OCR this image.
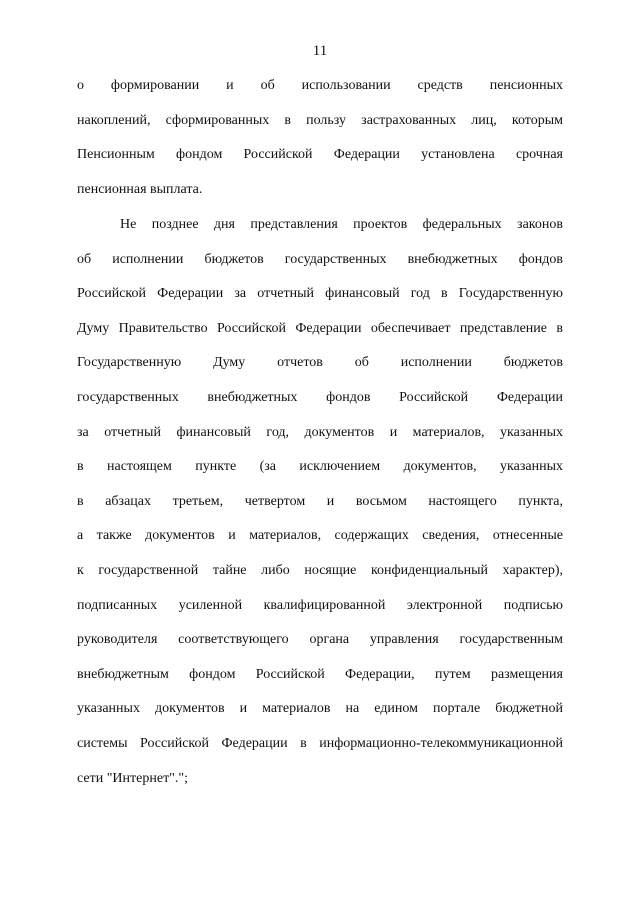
11
о формировании и об использовании средств пенсионных
накоплений, сформированных в пользу застрахованных лиц, которым
Пенсионным фондом Российской Федерации установлена срочная
пенсионная выплата.
Не позднее дня представления проектов федеральных законов
об исполнении бюджетов государственных внебюджетных фондов
Российской Федерации за отчетный финансовый год в Государственную
Думу Правительство Российской Федерации обеспечивает представление в
Государственную Думу отчетов об исполнении бюджетов
государственных внебюджетных фондов Российской Федерации
за отчетный финансовый год, документов и материалов, указанных
в настоящем пункте (за исключением документов, указанных
в абзацах третьем, четвертом и восьмом настоящего пункта,
а также документов и материалов, содержащих сведения, отнесенные
к государственной тайне либо носящие конфиденциальный характер),
подписанных усиленной квалифицированной электронной подписью
руководителя соответствующего органа управления государственным
внебюджетным фондом Российской Федерации, путем размещения
указанных документов и материалов на едином портале бюджетной
системы Российской Федерации в информационно-телекоммуникационной
сети "Интернет".";
